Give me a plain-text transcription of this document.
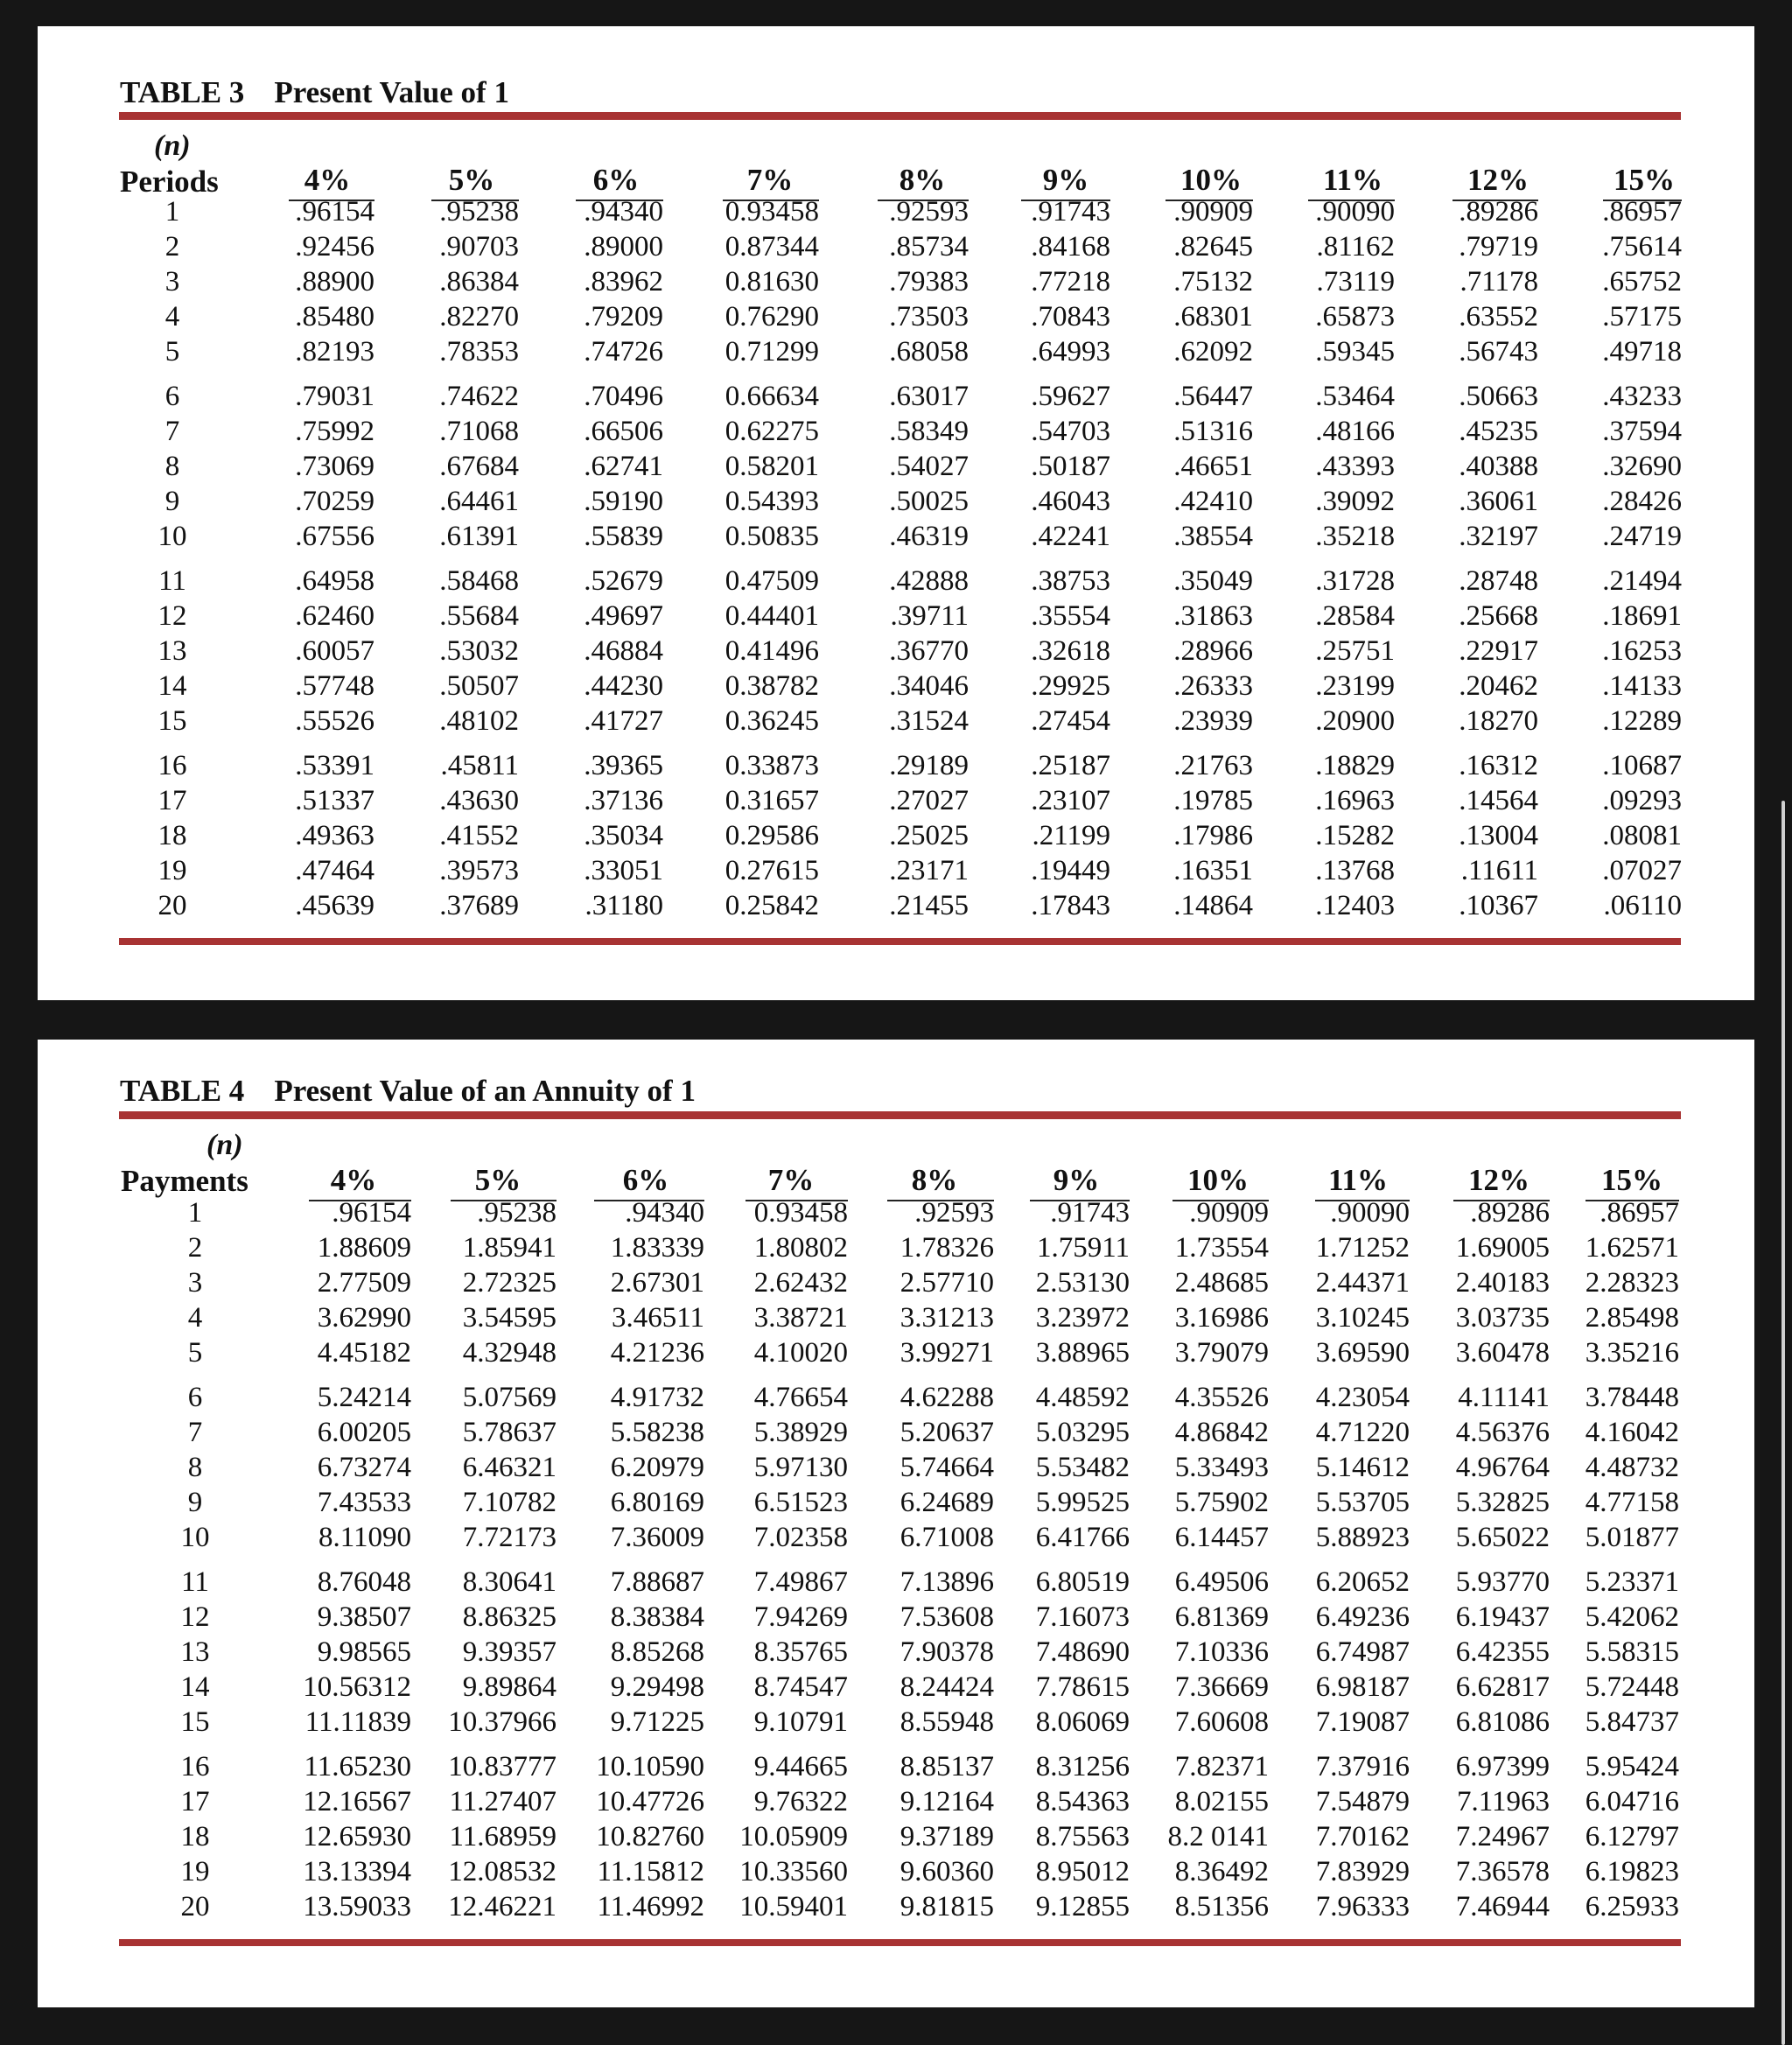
TABLE 3 Present Value of 1
(n)
Periods	4%	5%	6%	7%	8%	9%	10%	11%	12%	15%
1	.96154	.95238	.94340	0.93458	.92593	.91743	.90909	.90090	.89286	.86957
2	.92456	.90703	.89000	0.87344	.85734	.84168	.82645	.81162	.79719	.75614
3	.88900	.86384	.83962	0.81630	.79383	.77218	.75132	.73119	.71178	.65752
4	.85480	.82270	.79209	0.76290	.73503	.70843	.68301	.65873	.63552	.57175
5	.82193	.78353	.74726	0.71299	.68058	.64993	.62092	.59345	.56743	.49718
6	.79031	.74622	.70496	0.66634	.63017	.59627	.56447	.53464	.50663	.43233
7	.75992	.71068	.66506	0.62275	.58349	.54703	.51316	.48166	.45235	.37594
8	.73069	.67684	.62741	0.58201	.54027	.50187	.46651	.43393	.40388	.32690
9	.70259	.64461	.59190	0.54393	.50025	.46043	.42410	.39092	.36061	.28426
10	.67556	.61391	.55839	0.50835	.46319	.42241	.38554	.35218	.32197	.24719
11	.64958	.58468	.52679	0.47509	.42888	.38753	.35049	.31728	.28748	.21494
12	.62460	.55684	.49697	0.44401	.39711	.35554	.31863	.28584	.25668	.18691
13	.60057	.53032	.46884	0.41496	.36770	.32618	.28966	.25751	.22917	.16253
14	.57748	.50507	.44230	0.38782	.34046	.29925	.26333	.23199	.20462	.14133
15	.55526	.48102	.41727	0.36245	.31524	.27454	.23939	.20900	.18270	.12289
16	.53391	.45811	.39365	0.33873	.29189	.25187	.21763	.18829	.16312	.10687
17	.51337	.43630	.37136	0.31657	.27027	.23107	.19785	.16963	.14564	.09293
18	.49363	.41552	.35034	0.29586	.25025	.21199	.17986	.15282	.13004	.08081
19	.47464	.39573	.33051	0.27615	.23171	.19449	.16351	.13768	.11611	.07027
20	.45639	.37689	.31180	0.25842	.21455	.17843	.14864	.12403	.10367	.06110
TABLE 4 Present Value of an Annuity of 1
(n)
Payments	4%	5%	6%	7%	8%	9%	10%	11%	12%	15%
1	.96154	.95238	.94340	0.93458	.92593	.91743	.90909	.90090	.89286	.86957
2	1.88609	1.85941	1.83339	1.80802	1.78326	1.75911	1.73554	1.71252	1.69005	1.62571
3	2.77509	2.72325	2.67301	2.62432	2.57710	2.53130	2.48685	2.44371	2.40183	2.28323
4	3.62990	3.54595	3.46511	3.38721	3.31213	3.23972	3.16986	3.10245	3.03735	2.85498
5	4.45182	4.32948	4.21236	4.10020	3.99271	3.88965	3.79079	3.69590	3.60478	3.35216
6	5.24214	5.07569	4.91732	4.76654	4.62288	4.48592	4.35526	4.23054	4.11141	3.78448
7	6.00205	5.78637	5.58238	5.38929	5.20637	5.03295	4.86842	4.71220	4.56376	4.16042
8	6.73274	6.46321	6.20979	5.97130	5.74664	5.53482	5.33493	5.14612	4.96764	4.48732
9	7.43533	7.10782	6.80169	6.51523	6.24689	5.99525	5.75902	5.53705	5.32825	4.77158
10	8.11090	7.72173	7.36009	7.02358	6.71008	6.41766	6.14457	5.88923	5.65022	5.01877
11	8.76048	8.30641	7.88687	7.49867	7.13896	6.80519	6.49506	6.20652	5.93770	5.23371
12	9.38507	8.86325	8.38384	7.94269	7.53608	7.16073	6.81369	6.49236	6.19437	5.42062
13	9.98565	9.39357	8.85268	8.35765	7.90378	7.48690	7.10336	6.74987	6.42355	5.58315
14	10.56312	9.89864	9.29498	8.74547	8.24424	7.78615	7.36669	6.98187	6.62817	5.72448
15	11.11839	10.37966	9.71225	9.10791	8.55948	8.06069	7.60608	7.19087	6.81086	5.84737
16	11.65230	10.83777	10.10590	9.44665	8.85137	8.31256	7.82371	7.37916	6.97399	5.95424
17	12.16567	11.27407	10.47726	9.76322	9.12164	8.54363	8.02155	7.54879	7.11963	6.04716
18	12.65930	11.68959	10.82760	10.05909	9.37189	8.75563	8.2 0141	7.70162	7.24967	6.12797
19	13.13394	12.08532	11.15812	10.33560	9.60360	8.95012	8.36492	7.83929	7.36578	6.19823
20	13.59033	12.46221	11.46992	10.59401	9.81815	9.12855	8.51356	7.96333	7.46944	6.25933
